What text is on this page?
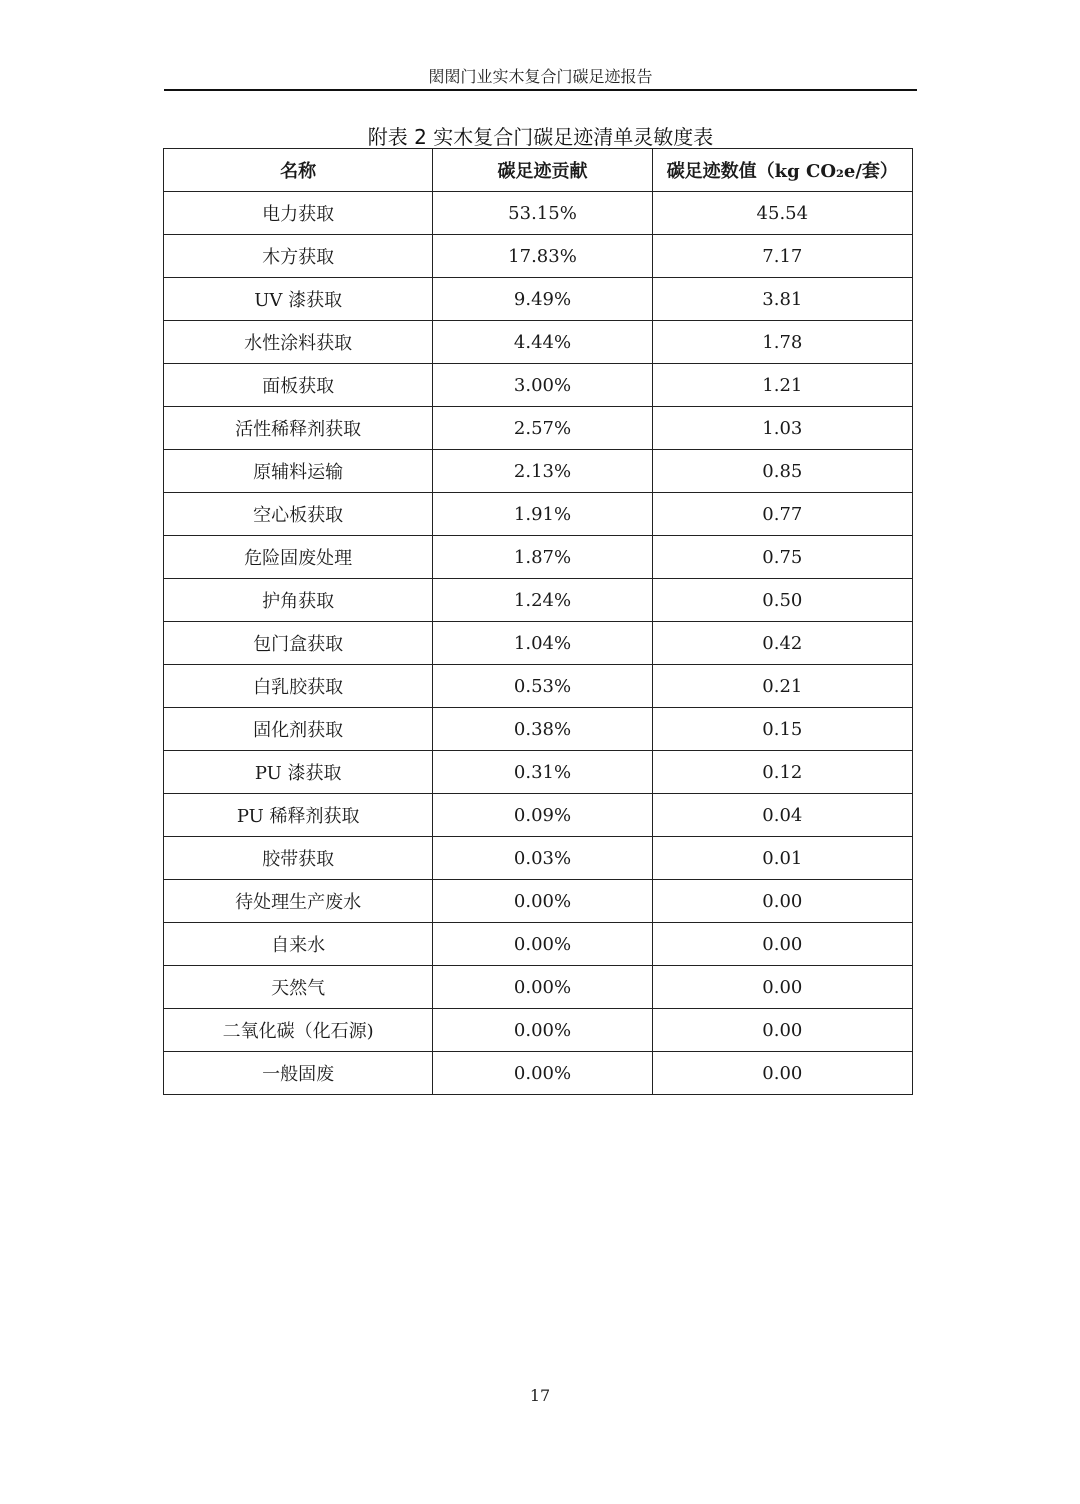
閎閎门业实木复合门碳足迹报告
附表 2 实木复合门碳足迹清单灵敏度表
名称	碳足迹贡献	碳足迹数值（kg CO₂e/套）
电力获取	53.15%	45.54
木方获取	17.83%	7.17
UV 漆获取	9.49%	3.81
水性涂料获取	4.44%	1.78
面板获取	3.00%	1.21
活性稀释剂获取	2.57%	1.03
原辅料运输	2.13%	0.85
空心板获取	1.91%	0.77
危险固废处理	1.87%	0.75
护角获取	1.24%	0.50
包门盒获取	1.04%	0.42
白乳胶获取	0.53%	0.21
固化剂获取	0.38%	0.15
PU 漆获取	0.31%	0.12
PU 稀释剂获取	0.09%	0.04
胶带获取	0.03%	0.01
待处理生产废水	0.00%	0.00
自来水	0.00%	0.00
天然气	0.00%	0.00
二氧化碳（化石源)	0.00%	0.00
一般固废	0.00%	0.00
17
